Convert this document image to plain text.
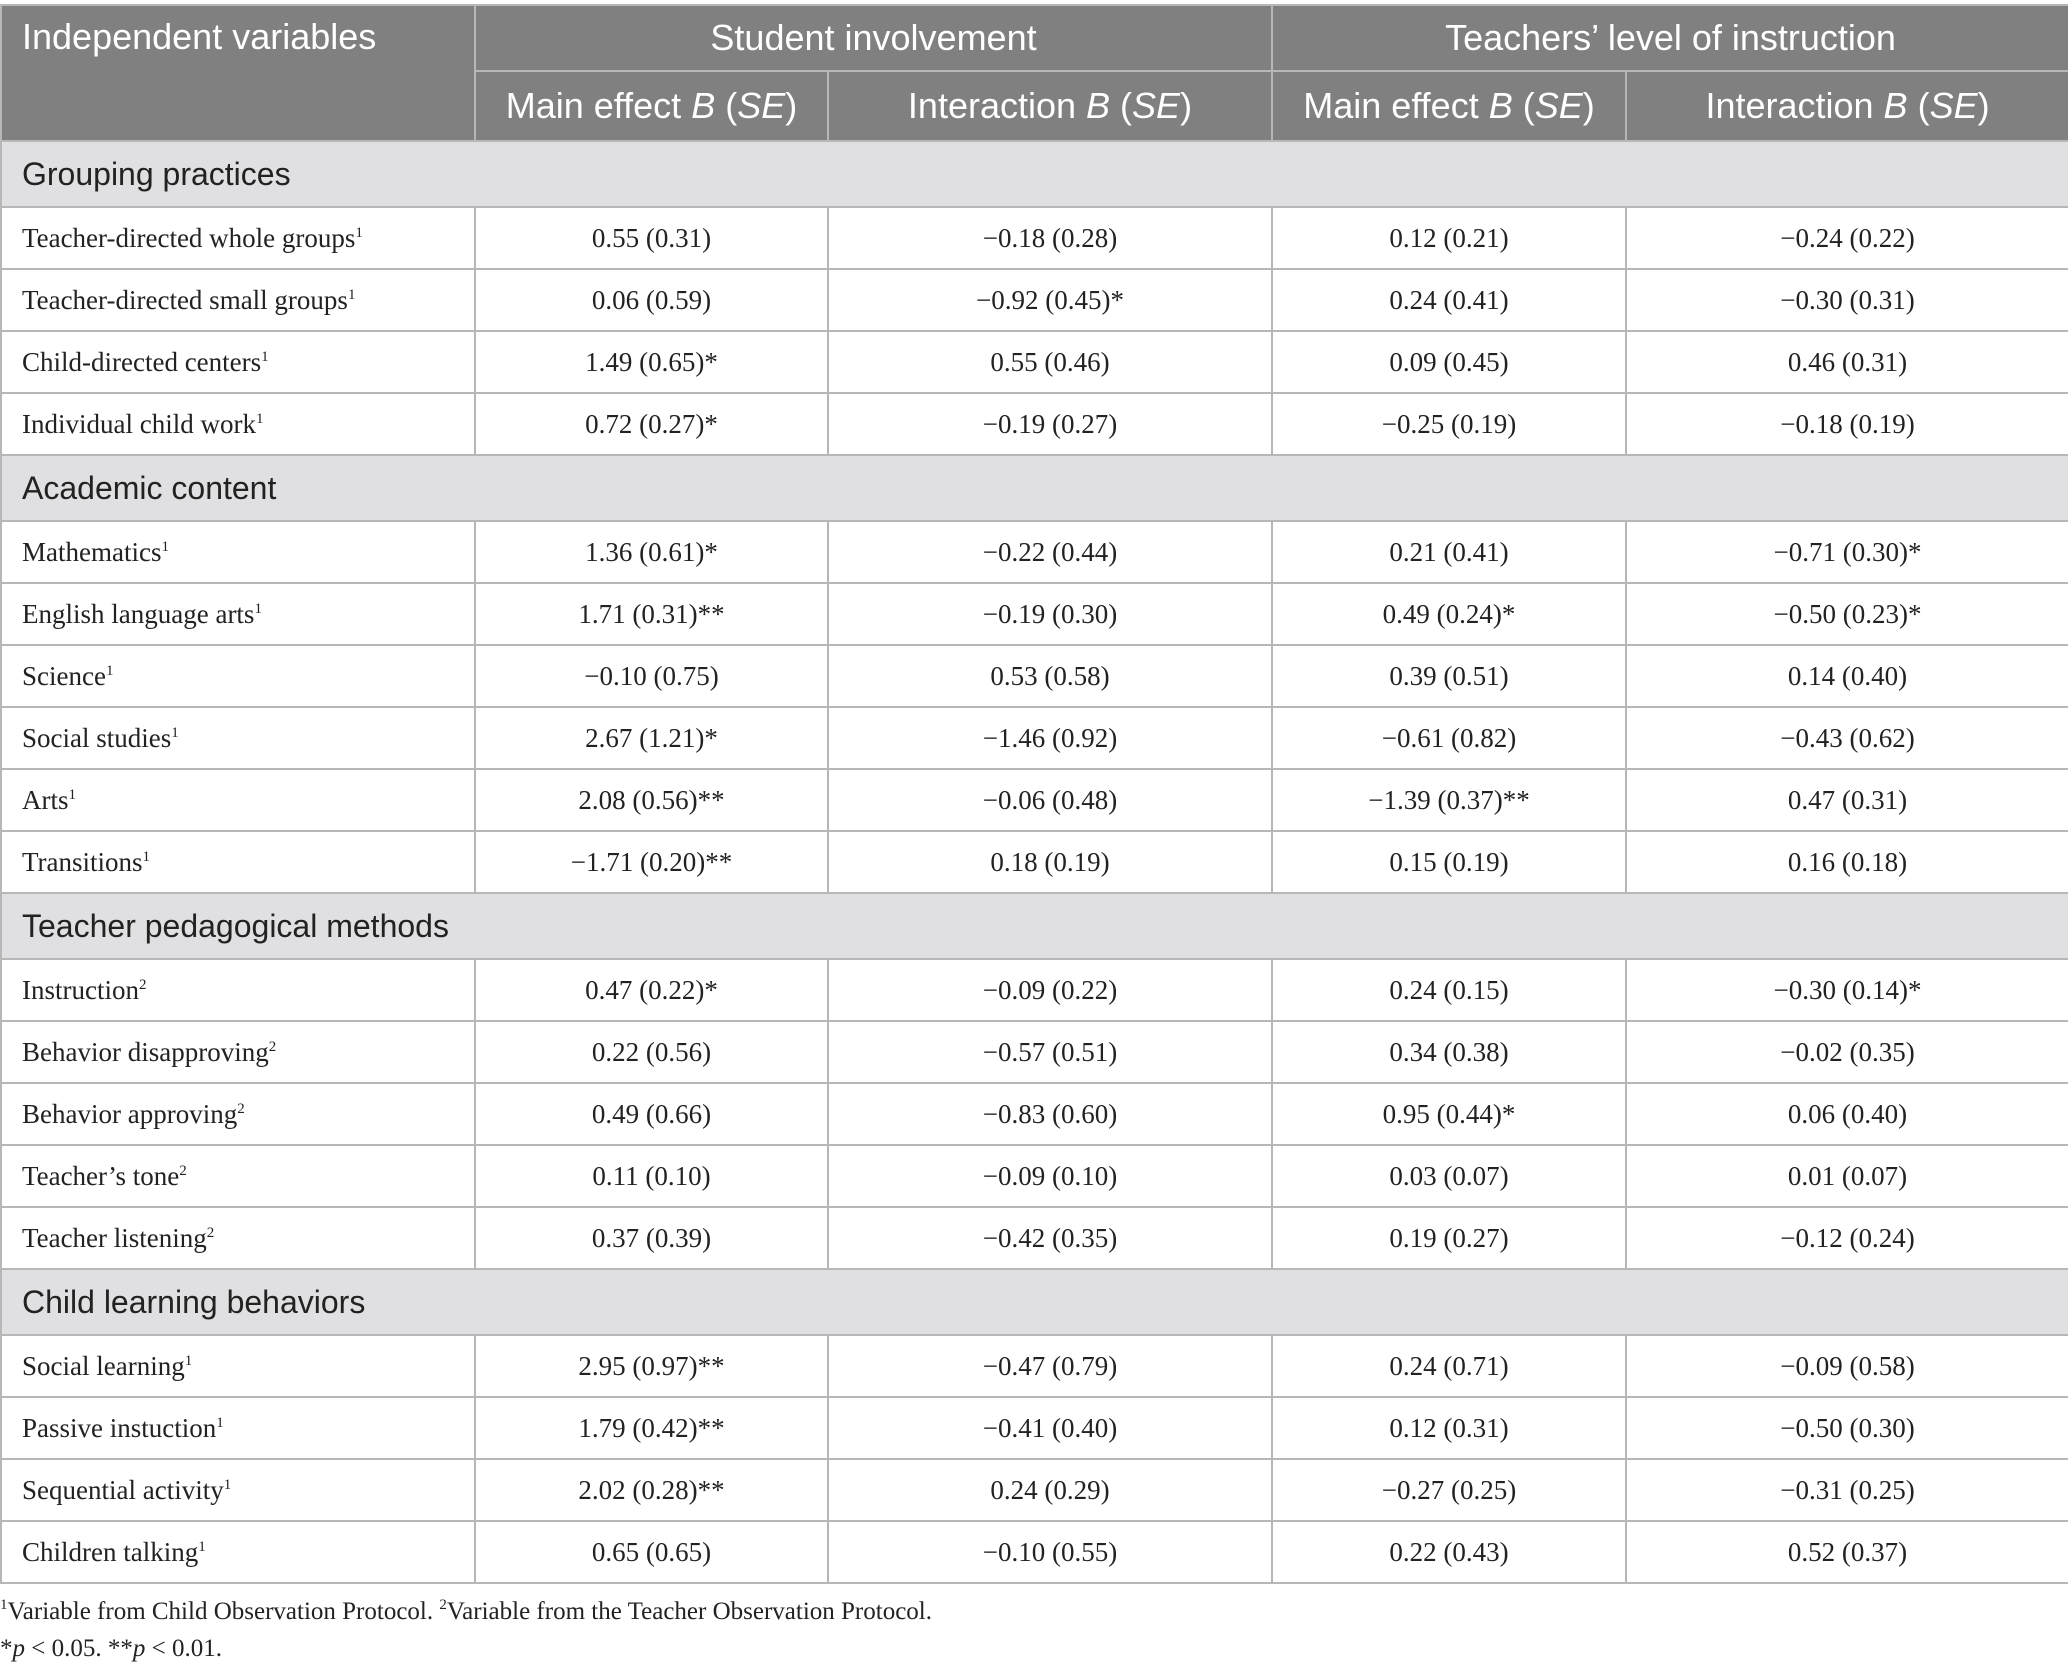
Independent variables	Student involvement		Teachers’ level of instruction	
	Main effect B (SE)	Interaction B (SE)	Main effect B (SE)	Interaction B (SE)
Grouping practices				
Teacher-directed whole groups$^1$	0.55 (0.31)	−0.18 (0.28)	0.12 (0.21)	−0.24 (0.22)
Teacher-directed small groups$^1$	0.06 (0.59)	−0.92 (0.45)*	0.24 (0.41)	−0.30 (0.31)
Child-directed centers$^1$	1.49 (0.65)*	0.55 (0.46)	0.09 (0.45)	0.46 (0.31)
Individual child work$^1$	0.72 (0.27)*	−0.19 (0.27)	−0.25 (0.19)	−0.18 (0.19)
Academic content				
Mathematics$^1$	1.36 (0.61)*	−0.22 (0.44)	0.21 (0.41)	−0.71 (0.30)*
English language arts$^1$	1.71 (0.31)**	−0.19 (0.30)	0.49 (0.24)*	−0.50 (0.23)*
Science$^1$	−0.10 (0.75)	0.53 (0.58)	0.39 (0.51)	0.14 (0.40)
Social studies$^1$	2.67 (1.21)*	−1.46 (0.92)	−0.61 (0.82)	−0.43 (0.62)
Arts$^1$	2.08 (0.56)**	−0.06 (0.48)	−1.39 (0.37)**	0.47 (0.31)
Transitions$^1$	−1.71 (0.20)**	0.18 (0.19)	0.15 (0.19)	0.16 (0.18)
Teacher pedagogical methods				
Instruction$^2$	0.47 (0.22)*	−0.09 (0.22)	0.24 (0.15)	−0.30 (0.14)*
Behavior disapproving$^2$	0.22 (0.56)	−0.57 (0.51)	0.34 (0.38)	−0.02 (0.35)
Behavior approving$^2$	0.49 (0.66)	−0.83 (0.60)	0.95 (0.44)*	0.06 (0.40)
Teacher’s tone$^2$	0.11 (0.10)	−0.09 (0.10)	0.03 (0.07)	0.01 (0.07)
Teacher listening$^2$	0.37 (0.39)	−0.42 (0.35)	0.19 (0.27)	−0.12 (0.24)
Child learning behaviors				
Social learning$^1$	2.95 (0.97)**	−0.47 (0.79)	0.24 (0.71)	−0.09 (0.58)
Passive instuction$^1$	1.79 (0.42)**	−0.41 (0.40)	0.12 (0.31)	−0.50 (0.30)
Sequential activity$^1$	2.02 (0.28)**	0.24 (0.29)	−0.27 (0.25)	−0.31 (0.25)
Children talking$^1$	0.65 (0.65)	−0.10 (0.55)	0.22 (0.43)	0.52 (0.37)
$^1$Variable from Child Observation Protocol. $^2$Variable from the Teacher Observation Protocol.
*p < 0.05. **p < 0.01.
